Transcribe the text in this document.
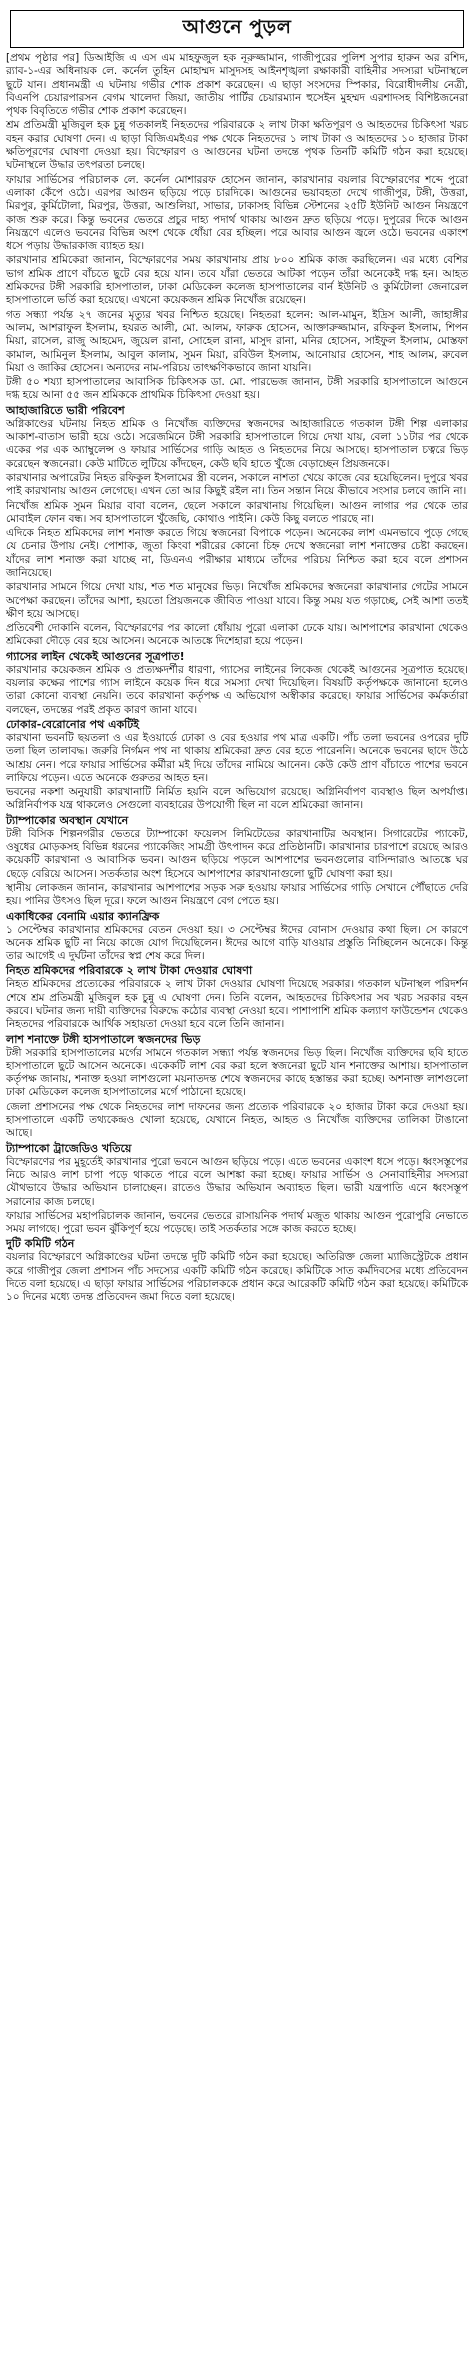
আগুনে পুড়ল

[প্রথম পৃষ্ঠার পর] ডিআইজি এ এস এম মাহফুজুল হক নূরুজ্জামান, গাজীপুরের পুলিশ সুপার হারুন অর রশিদ, র‍্যাব-১-এর অধিনায়ক লে. কর্নেল তুহিন মোহাম্মদ মাসুদসহ আইনশৃঙ্খলা রক্ষাকারী বাহিনীর সদস্যরা ঘটনাস্থলে ছুটে যান। প্রধানমন্ত্রী এ ঘটনায় গভীর শোক প্রকাশ করেছেন। এ ছাড়া সংসদের স্পিকার, বিরোধীদলীয় নেত্রী, বিএনপি চেয়ারপারসন বেগম খালেদা জিয়া, জাতীয় পার্টির চেয়ারম্যান হুসেইন মুহম্মদ এরশাদসহ বিশিষ্টজনেরা পৃথক বিবৃতিতে গভীর শোক প্রকাশ করেছেন।

শ্রম প্রতিমন্ত্রী মুজিবুল হক চুন্নু গতকালই নিহতদের পরিবারকে ২ লাখ টাকা ক্ষতিপূরণ ও আহতদের চিকিৎসা খরচ বহন করার ঘোষণা দেন। এ ছাড়া বিজিএমইএর পক্ষ থেকে নিহতদের ১ লাখ টাকা ও আহতদের ১০ হাজার টাকা ক্ষতিপূরণের ঘোষণা দেওয়া হয়। বিস্ফোরণ ও আগুনের ঘটনা তদন্তে পৃথক তিনটি কমিটি গঠন করা হয়েছে। ঘটনাস্থলে উদ্ধার তৎপরতা চলছে।

ফায়ার সার্ভিসের পরিচালক লে. কর্নেল মোশাররফ হোসেন জানান, কারখানার বয়লার বিস্ফোরণের শব্দে পুরো এলাকা কেঁপে ওঠে। এরপর আগুন ছড়িয়ে পড়ে চারদিকে। আগুনের ভয়াবহতা দেখে গাজীপুর, টঙ্গী, উত্তরা, মিরপুর, কুর্মিটোলা, মিরপুর, উত্তরা, আশুলিয়া, সাভার, ঢাকাসহ বিভিন্ন স্টেশনের ২৫টি ইউনিট আগুন নিয়ন্ত্রণে কাজ শুরু করে। কিন্তু ভবনের ভেতরে প্রচুর দাহ্য পদার্থ থাকায় আগুন দ্রুত ছড়িয়ে পড়ে। দুপুরের দিকে আগুন নিয়ন্ত্রণে এলেও ভবনের বিভিন্ন অংশ থেকে ধোঁয়া বের হচ্ছিল। পরে আবার আগুন জ্বলে ওঠে। ভবনের একাংশ ধসে পড়ায় উদ্ধারকাজ ব্যাহত হয়।

কারখানার শ্রমিকেরা জানান, বিস্ফোরণের সময় কারখানায় প্রায় ৮০০ শ্রমিক কাজ করছিলেন। এর মধ্যে বেশির ভাগ শ্রমিক প্রাণে বাঁচতে ছুটে বের হয়ে যান। তবে যাঁরা ভেতরে আটকা পড়েন তাঁরা অনেকেই দগ্ধ হন। আহত শ্রমিকদের টঙ্গী সরকারি হাসপাতাল, ঢাকা মেডিকেল কলেজ হাসপাতালের বার্ন ইউনিট ও কুর্মিটোলা জেনারেল হাসপাতালে ভর্তি করা হয়েছে। এখনো কয়েকজন শ্রমিক নিখোঁজ রয়েছেন।

গত সন্ধ্যা পর্যন্ত ২৭ জনের মৃত্যুর খবর নিশ্চিত হয়েছে। নিহতরা হলেন: আল-মামুন, ইদ্রিস আলী, জাহাঙ্গীর আলম, আশরাফুল ইসলাম, হযরত আলী, মো. আলম, ফারুক হোসেন, আক্তারুজ্জামান, রফিকুল ইসলাম, শিপন মিয়া, রাসেল, রাজু আহমেদ, জুয়েল রানা, সোহেল রানা, মাসুদ রানা, মনির হোসেন, সাইফুল ইসলাম, মোস্তফা কামাল, আমিনুল ইসলাম, আবুল কালাম, সুমন মিয়া, রবিউল ইসলাম, আনোয়ার হোসেন, শাহ আলম, রুবেল মিয়া ও জাকির হোসেন। অন্যদের নাম-পরিচয় তাৎক্ষণিকভাবে জানা যায়নি।

টঙ্গী ৫০ শয্যা হাসপাতালের আবাসিক চিকিৎসক ডা. মো. পারভেজ জানান, টঙ্গী সরকারি হাসপাতালে আগুনে দগ্ধ হয়ে আনা ৫৫ জন শ্রমিককে প্রাথমিক চিকিৎসা দেওয়া হয়।

আহাজারিতে ভারী পরিবেশ

অগ্নিকাণ্ডের ঘটনায় নিহত শ্রমিক ও নিখোঁজ ব্যক্তিদের স্বজনদের আহাজারিতে গতকাল টঙ্গী শিল্প এলাকার আকাশ-বাতাস ভারী হয়ে ওঠে। সরেজমিনে টঙ্গী সরকারি হাসপাতালে গিয়ে দেখা যায়, বেলা ১১টার পর থেকে একের পর এক অ্যাম্বুলেন্স ও ফায়ার সার্ভিসের গাড়ি আহত ও নিহতদের নিয়ে আসছে। হাসপাতাল চত্বরে ভিড় করেছেন স্বজনেরা। কেউ মাটিতে লুটিয়ে কাঁদছেন, কেউ ছবি হাতে খুঁজে বেড়াচ্ছেন প্রিয়জনকে।

কারখানার অপারেটর নিহত রফিকুল ইসলামের স্ত্রী বলেন, সকালে নাশতা খেয়ে কাজে বের হয়েছিলেন। দুপুরে খবর পাই কারখানায় আগুন লেগেছে। এখন তো আর কিছুই রইল না। তিন সন্তান নিয়ে কীভাবে সংসার চলবে জানি না।

নিখোঁজ শ্রমিক সুমন মিয়ার বাবা বলেন, ছেলে সকালে কারখানায় গিয়েছিল। আগুন লাগার পর থেকে তার মোবাইল ফোন বন্ধ। সব হাসপাতালে খুঁজেছি, কোথাও পাইনি। কেউ কিছু বলতে পারছে না।

এদিকে নিহত শ্রমিকদের লাশ শনাক্ত করতে গিয়ে স্বজনেরা বিপাকে পড়েন। অনেকের লাশ এমনভাবে পুড়ে গেছে যে চেনার উপায় নেই। পোশাক, জুতা কিংবা শরীরের কোনো চিহ্ন দেখে স্বজনেরা লাশ শনাক্তের চেষ্টা করছেন। যাঁদের লাশ শনাক্ত করা যাচ্ছে না, ডিএনএ পরীক্ষার মাধ্যমে তাঁদের পরিচয় নিশ্চিত করা হবে বলে প্রশাসন জানিয়েছে।

কারখানার সামনে গিয়ে দেখা যায়, শত শত মানুষের ভিড়। নিখোঁজ শ্রমিকদের স্বজনেরা কারখানার গেটের সামনে অপেক্ষা করছেন। তাঁদের আশা, হয়তো প্রিয়জনকে জীবিত পাওয়া যাবে। কিন্তু সময় যত গড়াচ্ছে, সেই আশা ততই ক্ষীণ হয়ে আসছে।

প্রতিবেশী দোকানি বলেন, বিস্ফোরণের পর কালো ধোঁয়ায় পুরো এলাকা ঢেকে যায়। আশপাশের কারখানা থেকেও শ্রমিকেরা দৌড়ে বের হয়ে আসেন। অনেকে আতঙ্কে দিশেহারা হয়ে পড়েন।

গ্যাসের লাইন থেকেই আগুনের সূত্রপাত!

কারখানার কয়েকজন শ্রমিক ও প্রত্যক্ষদর্শীর ধারণা, গ্যাসের লাইনের লিকেজ থেকেই আগুনের সূত্রপাত হয়েছে। বয়লার কক্ষের পাশের গ্যাস লাইনে কয়েক দিন ধরে সমস্যা দেখা দিয়েছিল। বিষয়টি কর্তৃপক্ষকে জানানো হলেও তারা কোনো ব্যবস্থা নেয়নি। তবে কারখানা কর্তৃপক্ষ এ অভিযোগ অস্বীকার করেছে। ফায়ার সার্ভিসের কর্মকর্তারা বলছেন, তদন্তের পরই প্রকৃত কারণ জানা যাবে।

ঢোকার-বেরোনোর পথ একটিই

কারখানা ভবনটি ছয়তলা ও এর ইওয়ার্ডে ঢোকা ও বের হওয়ার পথ মাত্র একটি। পাঁচ তলা ভবনের ওপরের দুটি তলা ছিল তালাবদ্ধ। জরুরি নির্গমন পথ না থাকায় শ্রমিকেরা দ্রুত বের হতে পারেননি। অনেকে ভবনের ছাদে উঠে আশ্রয় নেন। পরে ফায়ার সার্ভিসের কর্মীরা মই দিয়ে তাঁদের নামিয়ে আনেন। কেউ কেউ প্রাণ বাঁচাতে পাশের ভবনে লাফিয়ে পড়েন। এতে অনেকে গুরুতর আহত হন।

ভবনের নকশা অনুযায়ী কারখানাটি নির্মিত হয়নি বলে অভিযোগ রয়েছে। অগ্নিনির্বাপণ ব্যবস্থাও ছিল অপর্যাপ্ত। অগ্নিনির্বাপক যন্ত্র থাকলেও সেগুলো ব্যবহারের উপযোগী ছিল না বলে শ্রমিকেরা জানান।

ট্যাম্পাকোর অবস্থান যেখানে

টঙ্গী বিসিক শিল্পনগরীর ভেতরে ট্যাম্পাকো ফয়েলস লিমিটেডের কারখানাটির অবস্থান। সিগারেটের প্যাকেট, ওষুধের মোড়কসহ বিভিন্ন ধরনের প্যাকেজিং সামগ্রী উৎপাদন করে প্রতিষ্ঠানটি। কারখানার চারপাশে রয়েছে আরও কয়েকটি কারখানা ও আবাসিক ভবন। আগুন ছড়িয়ে পড়লে আশপাশের ভবনগুলোর বাসিন্দারাও আতঙ্কে ঘর ছেড়ে বেরিয়ে আসেন। সতর্কতার অংশ হিসেবে আশপাশের কারখানাগুলো ছুটি ঘোষণা করা হয়।

স্থানীয় লোকজন জানান, কারখানার আশপাশের সড়ক সরু হওয়ায় ফায়ার সার্ভিসের গাড়ি সেখানে পৌঁছাতে দেরি হয়। পানির উৎসও ছিল দূরে। ফলে আগুন নিয়ন্ত্রণে বেগ পেতে হয়।

একাধিকের বেনামি এয়ার ক্যানফ্রিক

১ সেপ্টেম্বর কারখানার শ্রমিকদের বেতন দেওয়া হয়। ৩ সেপ্টেম্বর ঈদের বোনাস দেওয়ার কথা ছিল। সে কারণে অনেক শ্রমিক ছুটি না নিয়ে কাজে যোগ দিয়েছিলেন। ঈদের আগে বাড়ি যাওয়ার প্রস্তুতি নিচ্ছিলেন অনেকে। কিন্তু তার আগেই এ দুর্ঘটনা তাঁদের স্বপ্ন শেষ করে দিল।

নিহত শ্রমিকদের পরিবারকে ২ লাখ টাকা দেওয়ার ঘোষণা

নিহত শ্রমিকদের প্রত্যেকের পরিবারকে ২ লাখ টাকা দেওয়ার ঘোষণা দিয়েছে সরকার। গতকাল ঘটনাস্থল পরিদর্শন শেষে শ্রম প্রতিমন্ত্রী মুজিবুল হক চুন্নু এ ঘোষণা দেন। তিনি বলেন, আহতদের চিকিৎসার সব খরচ সরকার বহন করবে। ঘটনার জন্য দায়ী ব্যক্তিদের বিরুদ্ধে কঠোর ব্যবস্থা নেওয়া হবে। পাশাপাশি শ্রমিক কল্যাণ ফাউন্ডেশন থেকেও নিহতদের পরিবারকে আর্থিক সহায়তা দেওয়া হবে বলে তিনি জানান।

লাশ শনাক্তে টঙ্গী হাসপাতালে স্বজনদের ভিড়

টঙ্গী সরকারি হাসপাতালের মর্গের সামনে গতকাল সন্ধ্যা পর্যন্ত স্বজনদের ভিড় ছিল। নিখোঁজ ব্যক্তিদের ছবি হাতে হাসপাতালে ছুটে আসেন অনেকে। একেকটি লাশ বের করা হলে স্বজনেরা ছুটে যান শনাক্তের আশায়। হাসপাতাল কর্তৃপক্ষ জানায়, শনাক্ত হওয়া লাশগুলো ময়নাতদন্ত শেষে স্বজনদের কাছে হস্তান্তর করা হচ্ছে। অশনাক্ত লাশগুলো ঢাকা মেডিকেল কলেজ হাসপাতালের মর্গে পাঠানো হয়েছে।

জেলা প্রশাসনের পক্ষ থেকে নিহতদের লাশ দাফনের জন্য প্রত্যেক পরিবারকে ২০ হাজার টাকা করে দেওয়া হয়। হাসপাতালে একটি তথ্যকেন্দ্রও খোলা হয়েছে, যেখানে নিহত, আহত ও নিখোঁজ ব্যক্তিদের তালিকা টাঙানো আছে।

ট্যাম্পাকো ট্রাজেডিও খতিয়ে

বিস্ফোরণের পর মুহূর্তেই কারখানার পুরো ভবনে আগুন ছড়িয়ে পড়ে। এতে ভবনের একাংশ ধসে পড়ে। ধ্বংসস্তূপের নিচে আরও লাশ চাপা পড়ে থাকতে পারে বলে আশঙ্কা করা হচ্ছে। ফায়ার সার্ভিস ও সেনাবাহিনীর সদস্যরা যৌথভাবে উদ্ধার অভিযান চালাচ্ছেন। রাতেও উদ্ধার অভিযান অব্যাহত ছিল। ভারী যন্ত্রপাতি এনে ধ্বংসস্তূপ সরানোর কাজ চলছে।

ফায়ার সার্ভিসের মহাপরিচালক জানান, ভবনের ভেতরে রাসায়নিক পদার্থ মজুত থাকায় আগুন পুরোপুরি নেভাতে সময় লাগছে। পুরো ভবন ঝুঁকিপূর্ণ হয়ে পড়েছে। তাই সতর্কতার সঙ্গে কাজ করতে হচ্ছে।

দুটি কমিটি গঠন

বয়লার বিস্ফোরণে অগ্নিকাণ্ডের ঘটনা তদন্তে দুটি কমিটি গঠন করা হয়েছে। অতিরিক্ত জেলা ম্যাজিস্ট্রেটকে প্রধান করে গাজীপুর জেলা প্রশাসন পাঁচ সদস্যের একটি কমিটি গঠন করেছে। কমিটিকে সাত কর্মদিবসের মধ্যে প্রতিবেদন দিতে বলা হয়েছে। এ ছাড়া ফায়ার সার্ভিসের পরিচালককে প্রধান করে আরেকটি কমিটি গঠন করা হয়েছে। কমিটিকে ১০ দিনের মধ্যে তদন্ত প্রতিবেদন জমা দিতে বলা হয়েছে।
